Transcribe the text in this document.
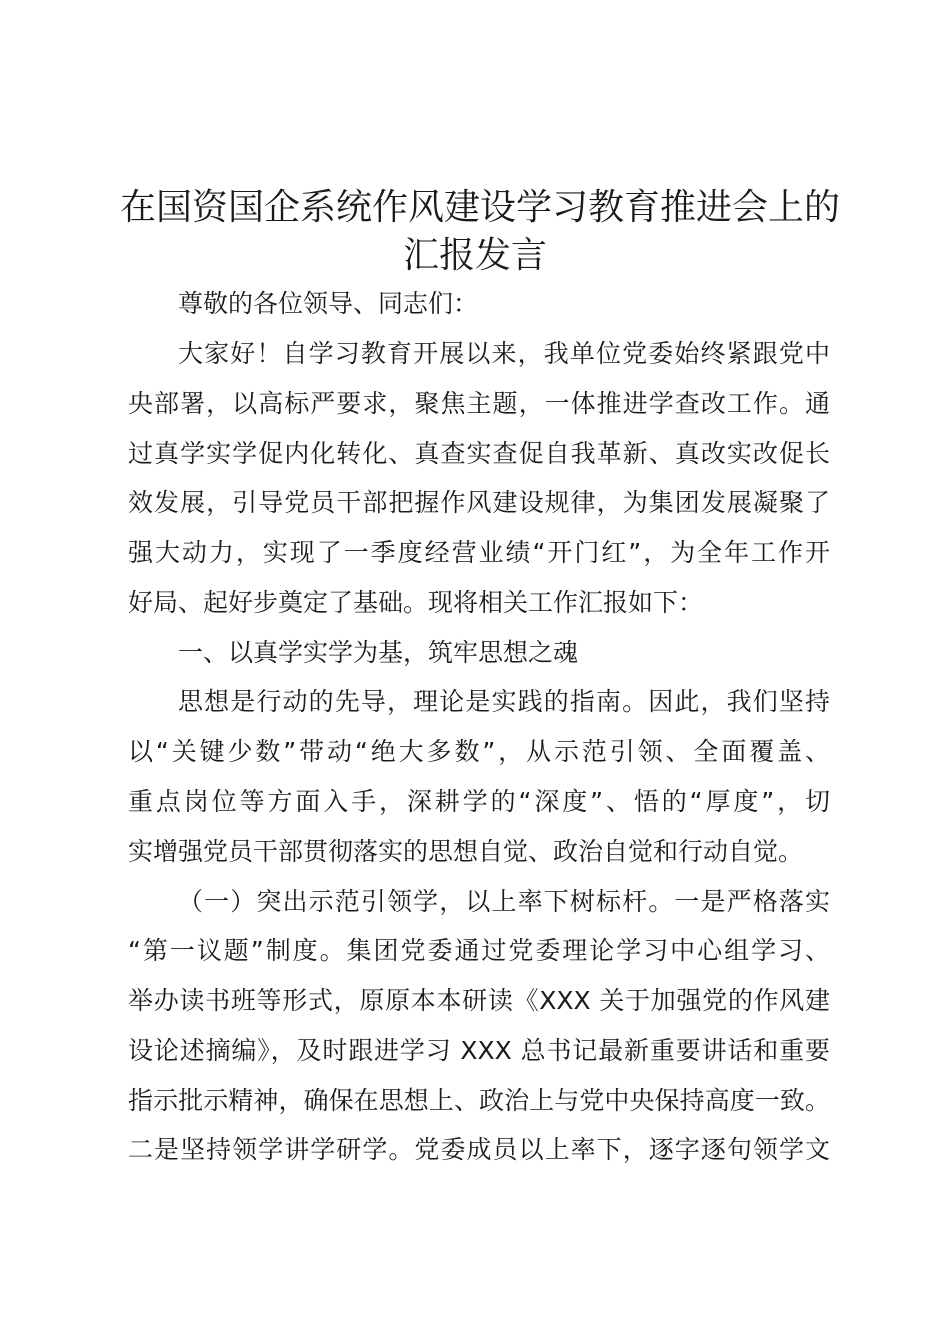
在国资国企系统作风建设学习教育推进会上的
汇报发言
尊敬的各位领导、同志们：
大家好！自学习教育开展以来，我单位党委始终紧跟党中
央部署，以高标严要求，聚焦主题，一体推进学查改工作。通
过真学实学促内化转化、真查实查促自我革新、真改实改促长
效发展，引导党员干部把握作风建设规律，为集团发展凝聚了
强大动力，实现了一季度经营业绩“开门红”，为全年工作开
好局、起好步奠定了基础。现将相关工作汇报如下：
一、以真学实学为基，筑牢思想之魂
思想是行动的先导，理论是实践的指南。因此，我们坚持
以“关键少数”带动“绝大多数”，从示范引领、全面覆盖、
重点岗位等方面入手，深耕学的“深度”、悟的“厚度”，切
实增强党员干部贯彻落实的思想自觉、政治自觉和行动自觉。
（一）突出示范引领学，以上率下树标杆。一是严格落实
“第一议题”制度。集团党委通过党委理论学习中心组学习、
举办读书班等形式，原原本本研读《XXX 关于加强党的作风建
设论述摘编》，及时跟进学习 XXX 总书记最新重要讲话和重要
指示批示精神，确保在思想上、政治上与党中央保持高度一致。
二是坚持领学讲学研学。党委成员以上率下，逐字逐句领学文
